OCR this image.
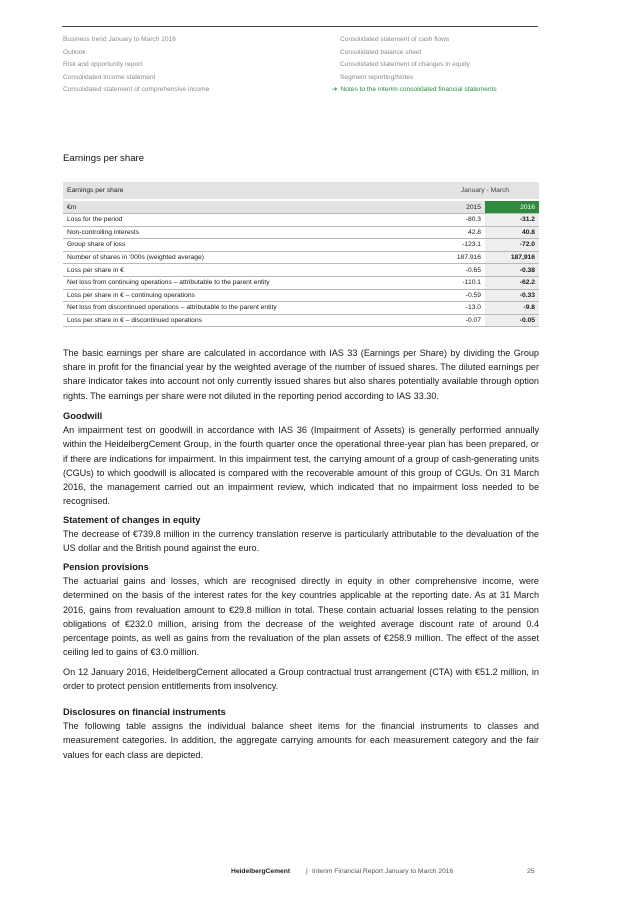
Business trend January to March 2016
Outlook
Risk and opportunity report
Consolidated income statement
Consolidated statement of comprehensive income
Consolidated statement of cash flows
Consolidated balance sheet
Consolidated statement of changes in equity
Segment reporting/Notes
➜ Notes to the interim consolidated financial statements
Earnings per share
Earnings per share	January - March	
€m	2015	2016
Loss for the period	-80.3	-31.2
Non-controlling interests	42.8	40.8
Group share of loss	-123.1	-72.0
Number of shares in '000s (weighted average)	187,916	187,916
Loss per share in €	-0.65	-0.38
Net loss from continuing operations – attributable to the parent entity	-110.1	-62.2
Loss per share in € – continuing operations	-0.59	-0.33
Net loss from discontinued operations – attributable to the parent entity	-13.0	-9.8
Loss per share in € – discontinued operations	-0.07	-0.05

The basic earnings per share are calculated in accordance with IAS 33 (Earnings per Share) by dividing the Group share in profit for the financial year by the weighted average of the number of issued shares. The diluted earnings per share indicator takes into account not only currently issued shares but also shares potentially available through option rights. The earnings per share were not diluted in the reporting period according to IAS 33.30.

Goodwill

An impairment test on goodwill in accordance with IAS 36 (Impairment of Assets) is generally performed annually within the HeidelbergCement Group, in the fourth quarter once the operational three-year plan has been prepared, or if there are indications for impairment. In this impairment test, the carrying amount of a group of cash-generating units (CGUs) to which goodwill is allocated is compared with the recoverable amount of this group of CGUs. On 31 March 2016, the management carried out an impairment review, which indicated that no impairment loss needed to be recognised.

Statement of changes in equity

The decrease of €739.8 million in the currency translation reserve is particularly attributable to the devaluation of the US dollar and the British pound against the euro.

Pension provisions

The actuarial gains and losses, which are recognised directly in equity in other comprehensive income, were determined on the basis of the interest rates for the key countries applicable at the reporting date. As at 31 March 2016, gains from revaluation amount to €29.8 million in total. These contain actuarial losses relating to the pension obligations of €232.0 million, arising from the decrease of the weighted average discount rate of around 0.4 percentage points, as well as gains from the revaluation of the plan assets of €258.9 million. The effect of the asset ceiling led to gains of €3.0 million.

On 12 January 2016, HeidelbergCement allocated a Group contractual trust arrangement (CTA) with €51.2 million, in order to protect pension entitlements from insolvency.

Disclosures on financial instruments

The following table assigns the individual balance sheet items for the financial instruments to classes and measurement categories. In addition, the aggregate carrying amounts for each measurement category and the fair values for each class are depicted.

HeidelbergCement | Interim Financial Report January to March 2016	25
